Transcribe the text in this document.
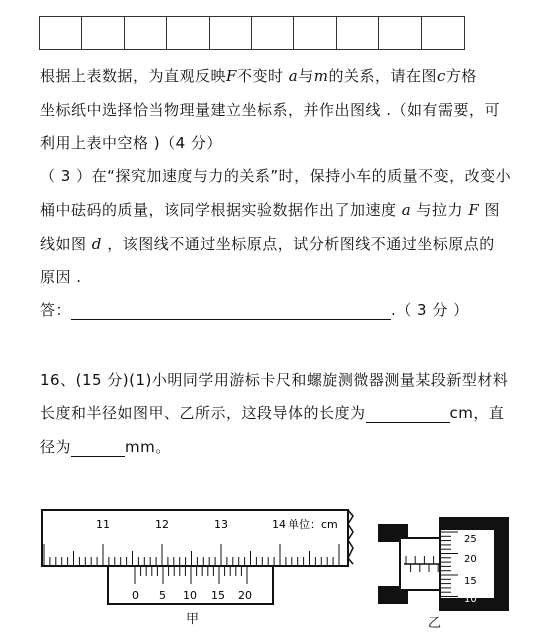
根据上表数据，为直观反映F不变时 a与m的关系，请在图c方格
坐标纸中选择恰当物理量建立坐标系，并作出图线 .（如有需要，可
利用上表中空格 )（4 分）
（ 3 ）在“探究加速度与力的关系”时，保持小车的质量不变，改变小
桶中砝码的质量，该同学根据实验数据作出了加速度 a 与拉力 F 图
线如图 d ，该图线不通过坐标原点，试分析图线不通过坐标原点的
原因 .
答：	.（ 3 分 ）
16、(15 分)(1)小明同学用游标卡尺和螺旋测微器测量某段新型材料
长度和半径如图甲、乙所示，这段导体的长度为	cm，直
径为	mm。
11	12	13	14 单位：cm
0 5 10 15 20
甲
25
20
15
10
乙
